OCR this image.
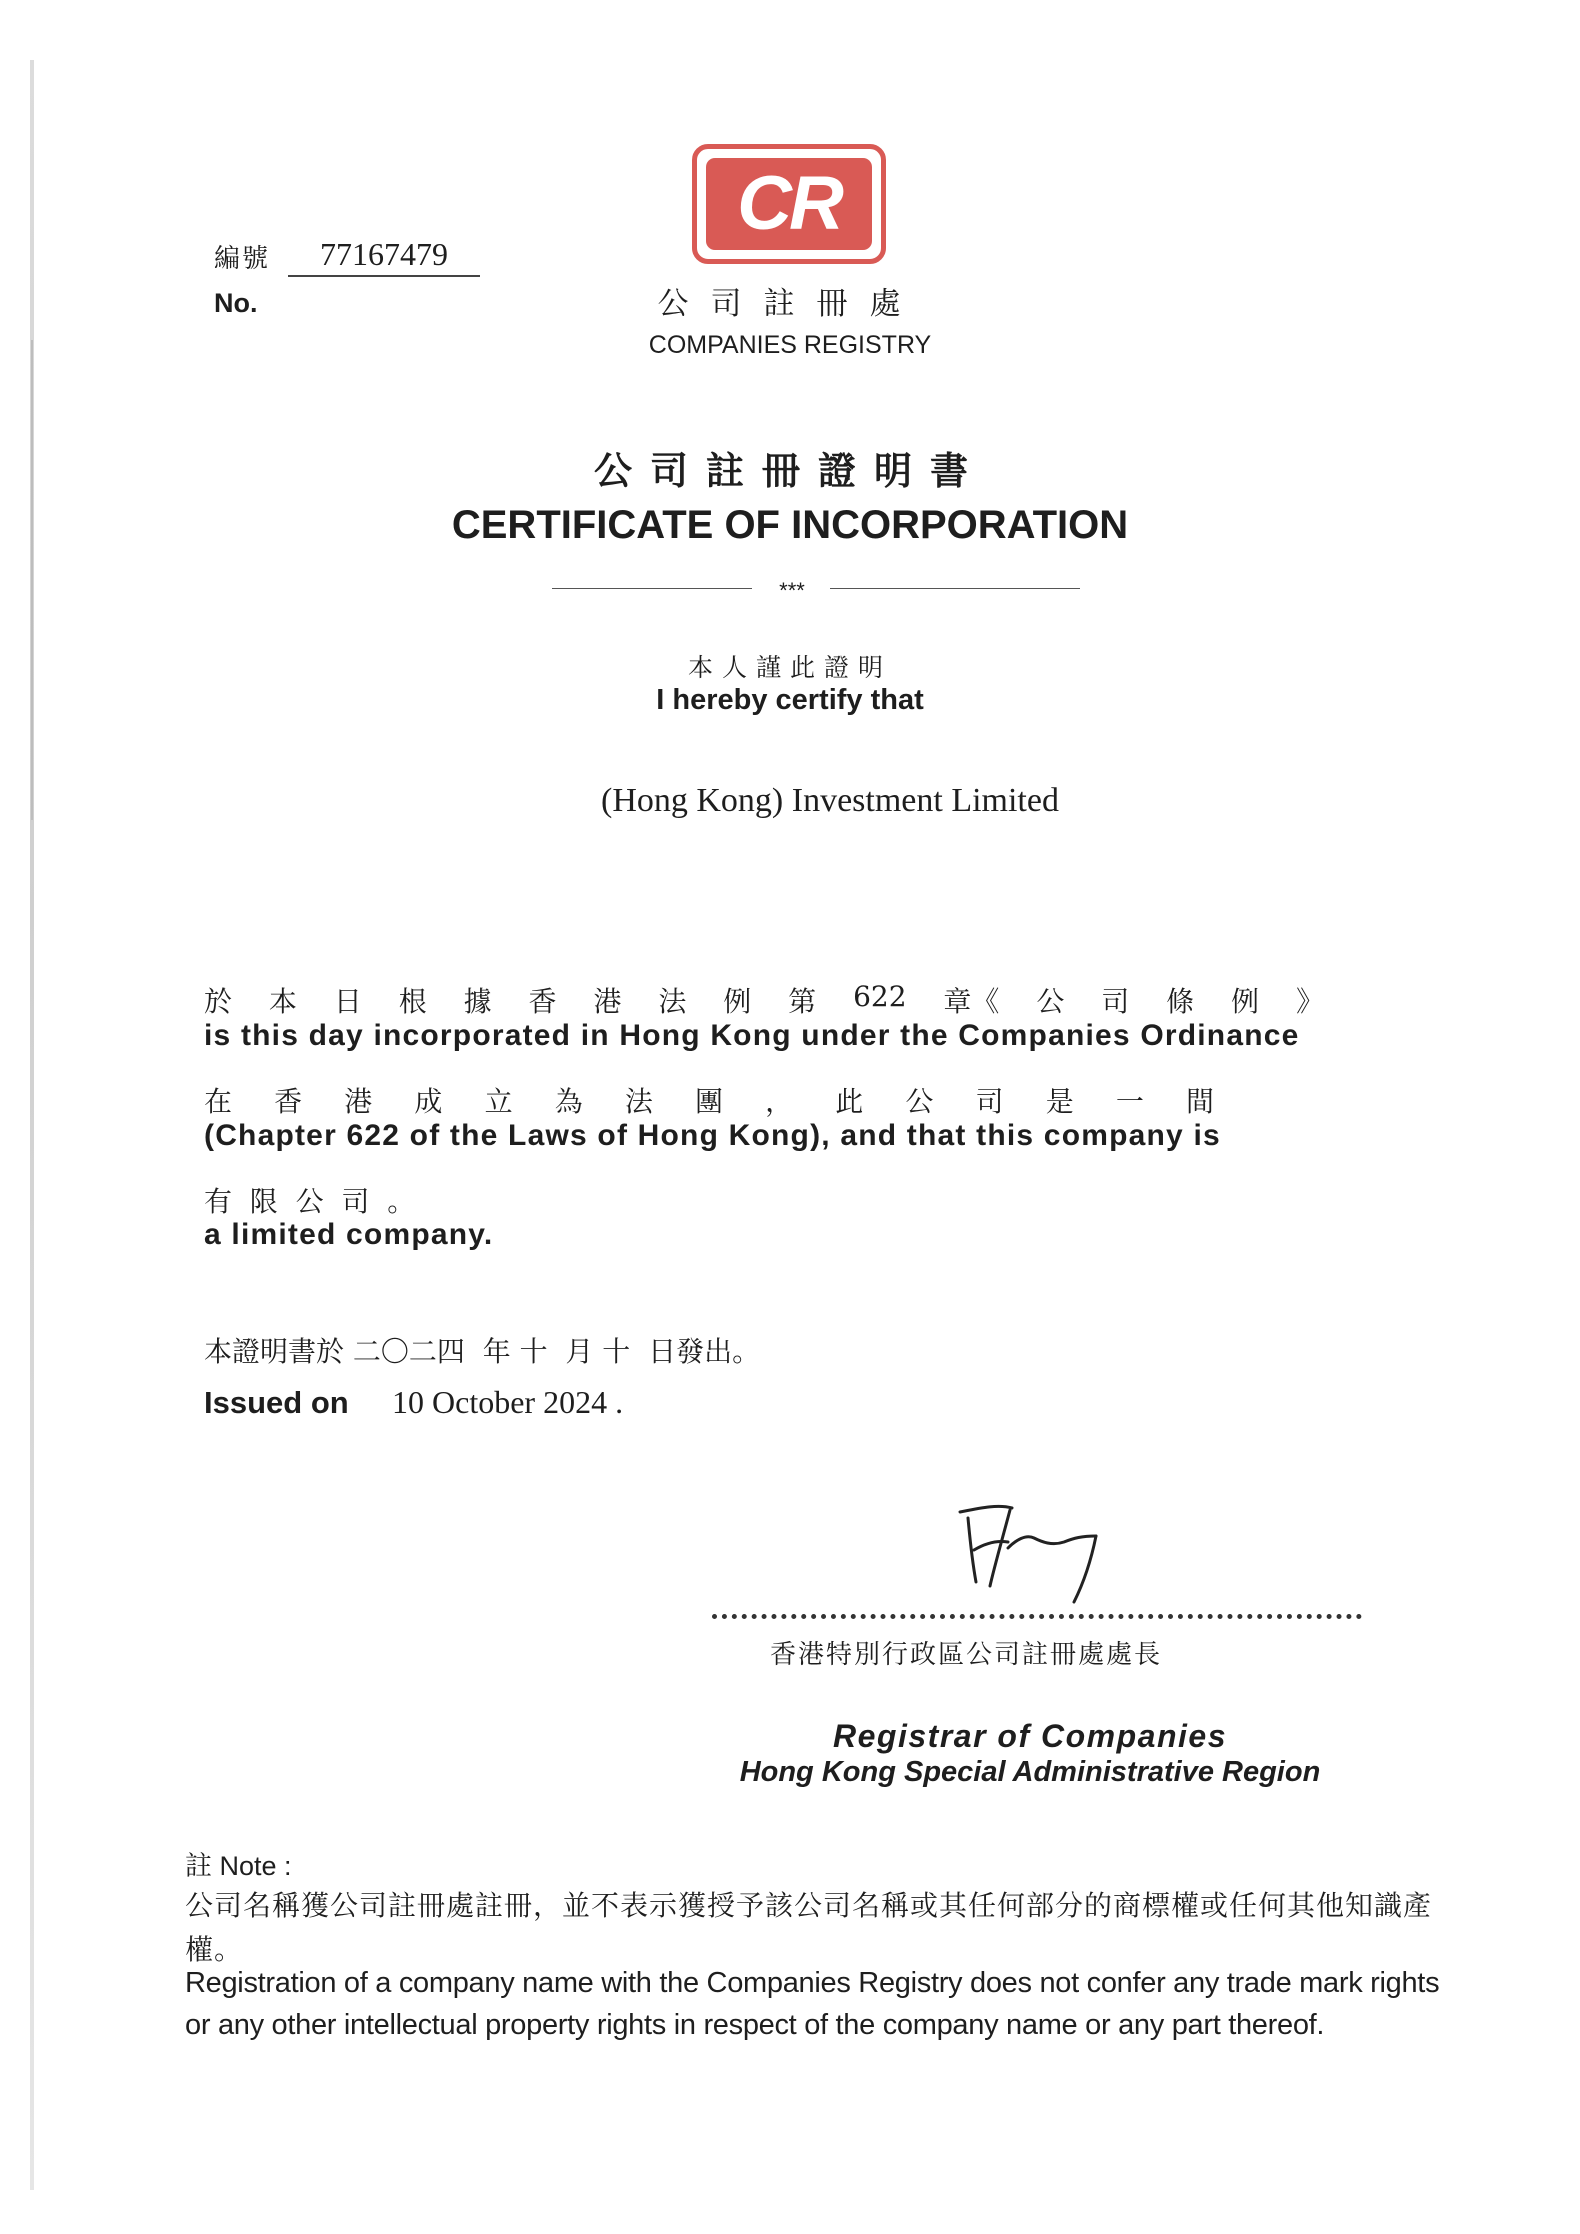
編號
No.
77167479
CR
公司註冊處
COMPANIES REGISTRY
公司註冊證明書
CERTIFICATE OF INCORPORATION
***
本人謹此證明
I hereby certify that
(Hong Kong) Investment Limited
於 本 日 根 據 香 港 法 例 第 622 章《 公 司 條 例 》
is this day incorporated in Hong Kong under the Companies Ordinance
在 香 港 成 立 為 法 團 ， 此 公 司 是 一 間
(Chapter 622 of the Laws of Hong Kong), and that this company is
有  限  公  司  。
a limited company.
本證明書於 二〇二四  年 十  月 十  日發出。
Issued on 10 October 2024 .
香港特別行政區公司註冊處處長
Registrar of Companies
Hong Kong Special Administrative Region
註 Note :
公司名稱獲公司註冊處註冊，並不表示獲授予該公司名稱或其任何部分的商標權或任何其他知識產權。
Registration of a company name with the Companies Registry does not confer any trade mark rights or any other intellectual property rights in respect of the company name or any part thereof.
